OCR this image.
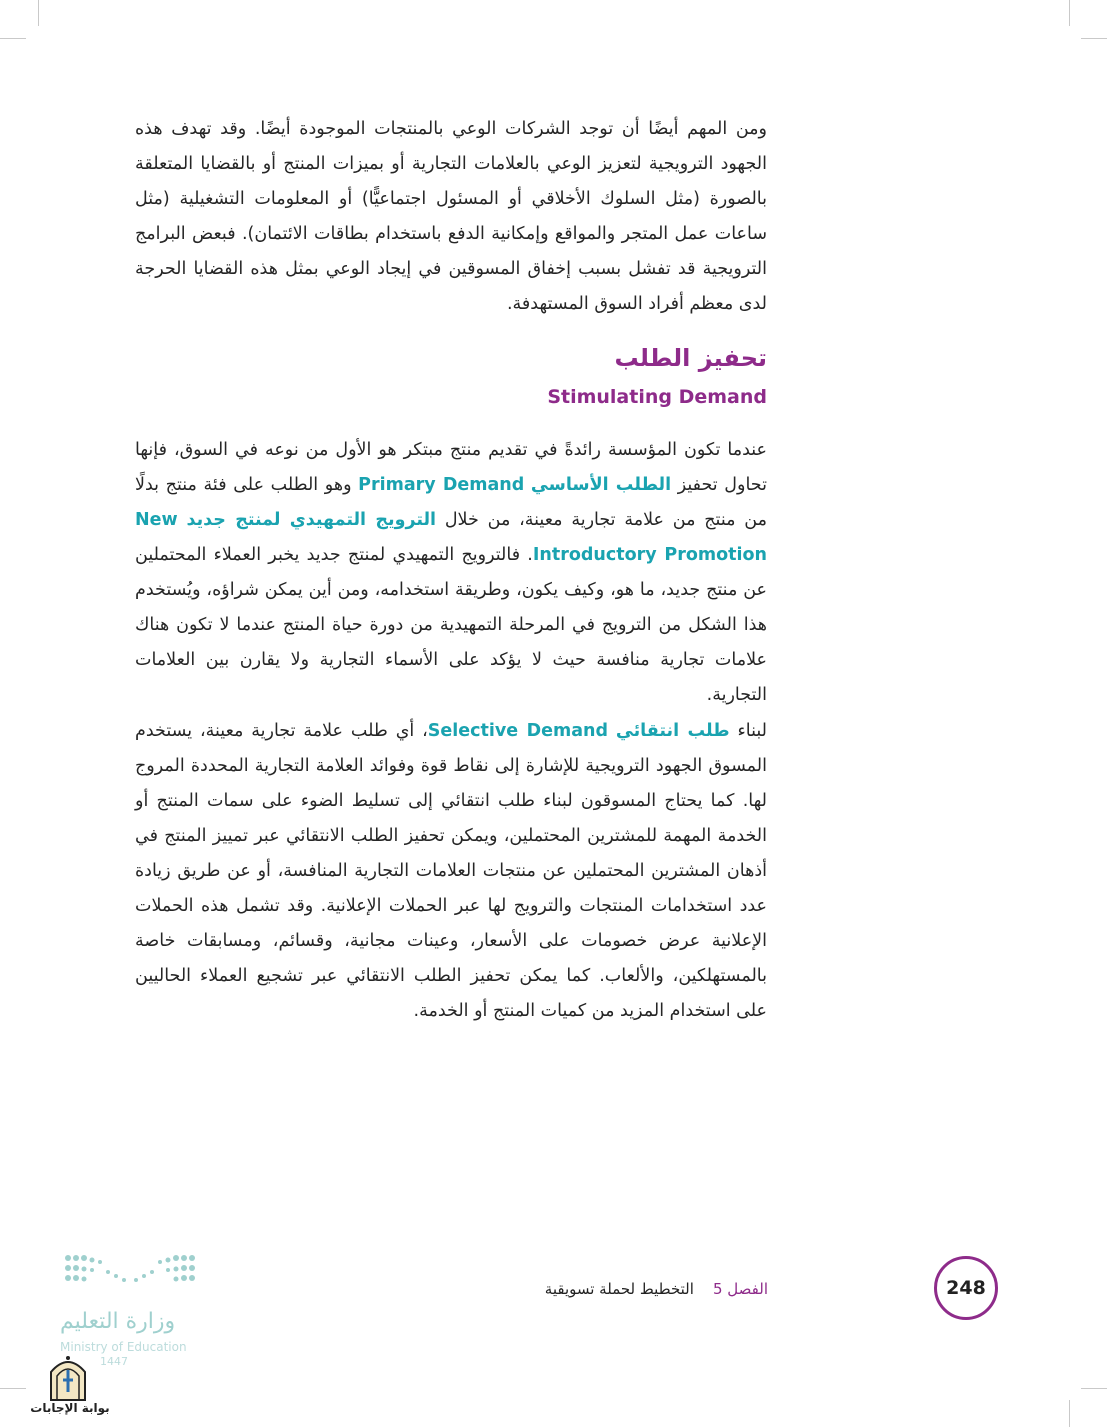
ومن المهم أيضًا أن توجد الشركات الوعي بالمنتجات الموجودة أيضًا. وقد تهدف هذه الجهود الترويجية لتعزيز الوعي بالعلامات التجارية أو بميزات المنتج أو بالقضايا المتعلقة بالصورة (مثل السلوك الأخلاقي أو المسئول اجتماعيًّا) أو المعلومات التشغيلية (مثل ساعات عمل المتجر والمواقع وإمكانية الدفع باستخدام بطاقات الائتمان). فبعض البرامج الترويجية قد تفشل بسبب إخفاق المسوقين في إيجاد الوعي بمثل هذه القضايا الحرجة لدى معظم أفراد السوق المستهدفة.

تحفيز الطلب
Stimulating Demand

عندما تكون المؤسسة رائدةً في تقديم منتج مبتكر هو الأول من نوعه في السوق، فإنها تحاول تحفيز الطلب الأساسي Primary Demand وهو الطلب على فئة منتج بدلًا من منتج من علامة تجارية معينة، من خلال الترويج التمهيدي لمنتج جديد New Introductory Promotion. فالترويج التمهيدي لمنتج جديد يخبر العملاء المحتملين عن منتج جديد، ما هو، وكيف يكون، وطريقة استخدامه، ومن أين يمكن شراؤه، ويُستخدم هذا الشكل من الترويج في المرحلة التمهيدية من دورة حياة المنتج عندما لا تكون هناك علامات تجارية منافسة حيث لا يؤكد على الأسماء التجارية ولا يقارن بين العلامات التجارية.

لبناء طلب انتقائي Selective Demand، أي طلب علامة تجارية معينة، يستخدم المسوق الجهود الترويجية للإشارة إلى نقاط قوة وفوائد العلامة التجارية المحددة المروج لها. كما يحتاج المسوقون لبناء طلب انتقائي إلى تسليط الضوء على سمات المنتج أو الخدمة المهمة للمشترين المحتملين، ويمكن تحفيز الطلب الانتقائي عبر تمييز المنتج في أذهان المشترين المحتملين عن منتجات العلامات التجارية المنافسة، أو عن طريق زيادة عدد استخدامات المنتجات والترويج لها عبر الحملات الإعلانية. وقد تشمل هذه الحملات الإعلانية عرض خصومات على الأسعار، وعينات مجانية، وقسائم، ومسابقات خاصة بالمستهلكين، والألعاب. كما يمكن تحفيز الطلب الانتقائي عبر تشجيع العملاء الحاليين على استخدام المزيد من كميات المنتج أو الخدمة.

248
الفصل 5    التخطيط لحملة تسويقية
وزارة التعليم
Ministry of Education
1447
بوابة الإجابات
